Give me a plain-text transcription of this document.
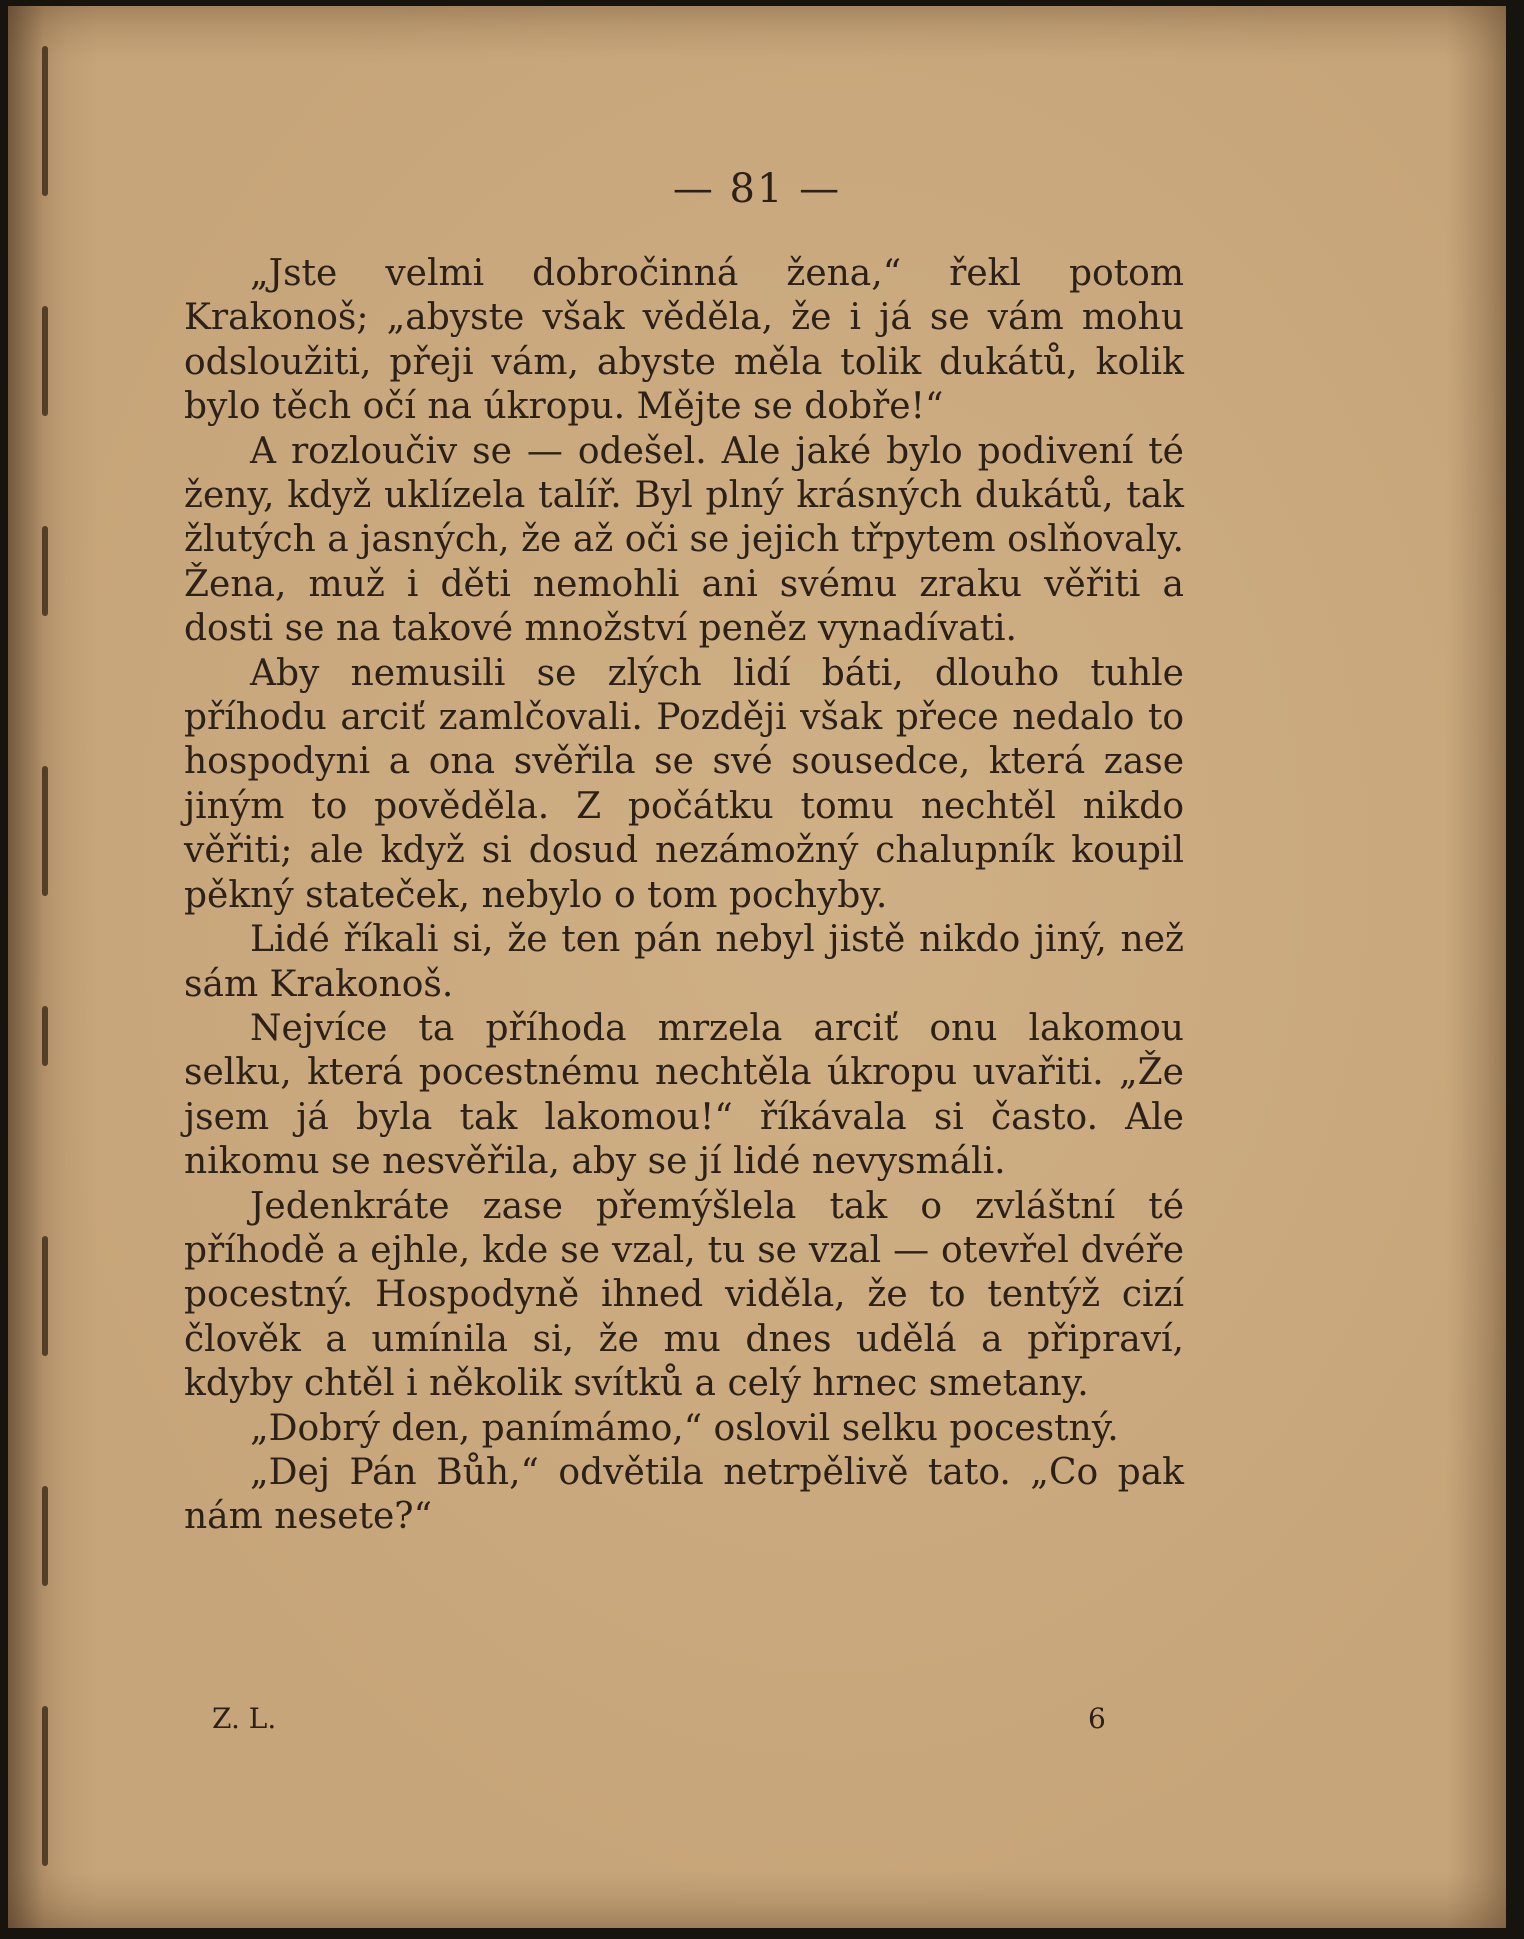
— 81 —

„Jste velmi dobročinná žena,“ řekl potom Krakonoš; „abyste však věděla, že i já se vám mohu odsloužiti, přeji vám, abyste měla tolik dukátů, kolik bylo těch očí na úkropu. Mějte se dobře!“

A rozloučiv se — odešel. Ale jaké bylo podivení té ženy, když uklízela talíř. Byl plný krásných dukátů, tak žlutých a jasných, že až oči se jejich třpytem oslňovaly. Žena, muž i děti nemohli ani svému zraku věřiti a dosti se na takové množství peněz vynadívati.

Aby nemusili se zlých lidí báti, dlouho tuhle příhodu arciť zamlčovali. Později však přece nedalo to hospodyni a ona svěřila se své sousedce, která zase jiným to pověděla. Z počátku tomu nechtěl nikdo věřiti; ale když si dosud nezámožný chalupník koupil pěkný stateček, nebylo o tom pochyby.

Lidé říkali si, že ten pán nebyl jistě nikdo jiný, než sám Krakonoš.

Nejvíce ta příhoda mrzela arciť onu lakomou selku, která pocestnému nechtěla úkropu uvařiti. „Že jsem já byla tak lakomou!“ říkávala si často. Ale nikomu se nesvěřila, aby se jí lidé nevysmáli.

Jedenkráte zase přemýšlela tak o zvláštní té příhodě a ejhle, kde se vzal, tu se vzal — otevřel dvéře pocestný. Hospodyně ihned viděla, že to tentýž cizí člověk a umínila si, že mu dnes udělá a připraví, kdyby chtěl i několik svítků a celý hrnec smetany.

„Dobrý den, panímámo,“ oslovil selku pocestný.

„Dej Pán Bůh,“ odvětila netrpělivě tato. „Co pak nám nesete?“

Z. L.	6
